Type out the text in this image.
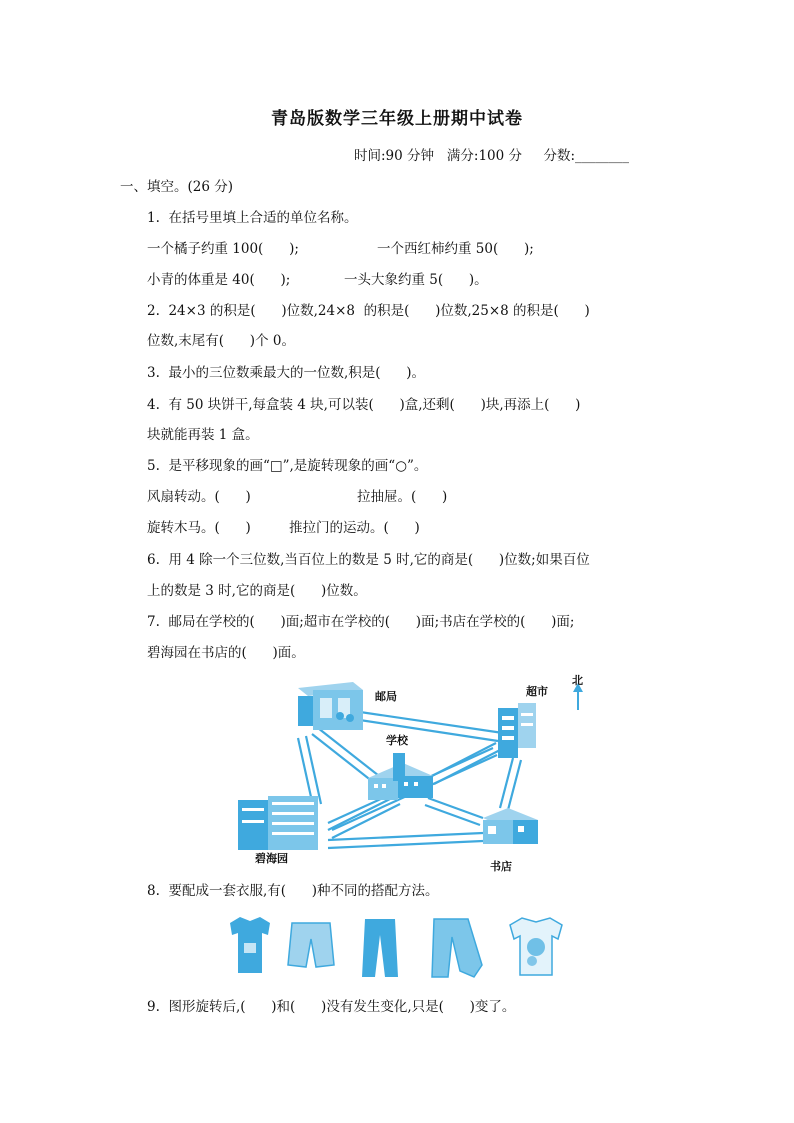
青岛版数学三年级上册期中试卷
时间:90 分钟   满分:100 分     分数:________
一、填空。(26 分)
1.  在括号里填上合适的单位名称。
一个橘子约重 100(      );	一个西红柿约重 50(      );
小青的体重是 40(      );	一头大象约重 5(      )。
2.  24×3 的积是(      )位数,24×8  的积是(      )位数,25×8 的积是(      )
位数,末尾有(      )个 0。
3.  最小的三位数乘最大的一位数,积是(      )。
4.  有 50 块饼干,每盒装 4 块,可以装(      )盒,还剩(      )块,再添上(      )
块就能再装 1 盒。
5.  是平移现象的画“□”,是旋转现象的画“○”。
风扇转动。(      )	拉抽屉。(      )
旋转木马。(      )	推拉门的运动。(      )
6.  用 4 除一个三位数,当百位上的数是 5 时,它的商是(      )位数;如果百位
上的数是 3 时,它的商是(      )位数。
7.  邮局在学校的(      )面;超市在学校的(      )面;书店在学校的(      )面;
碧海园在书店的(      )面。
邮局	超市
学校
碧海园
书店
北
8.  要配成一套衣服,有(      )种不同的搭配方法。
9.  图形旋转后,(      )和(      )没有发生变化,只是(      )变了。
